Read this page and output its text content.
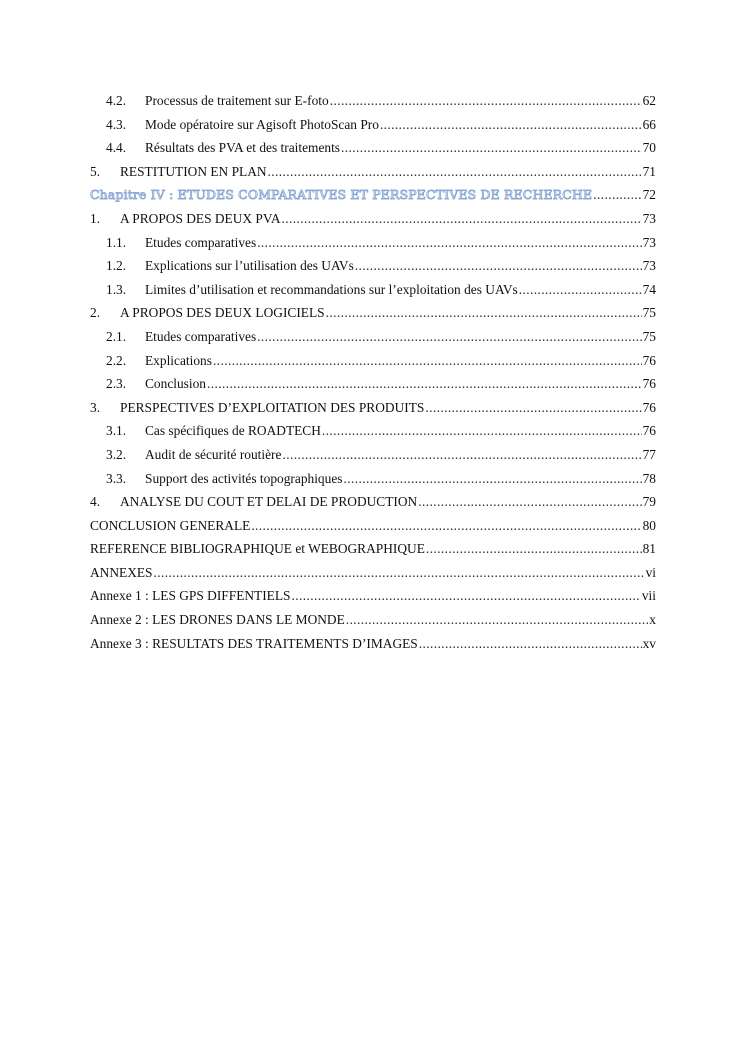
4.2.	Processus de traitement sur E-foto .....	62
4.3.	Mode opératoire sur Agisoft PhotoScan Pro .....	66
4.4.	Résultats des PVA et des traitements .....	70
5.	RESTITUTION EN PLAN .....	71
Chapitre IV : ETUDES COMPARATIVES ET PERSPECTIVES DE RECHERCHE .....	72
1.	A PROPOS DES DEUX PVA .....	73
1.1.	Etudes comparatives .....	73
1.2.	Explications sur l’utilisation des UAVs .....	73
1.3.	Limites d’utilisation et recommandations sur l’exploitation des UAVs .....	74
2.	A PROPOS DES DEUX LOGICIELS .....	75
2.1.	Etudes comparatives .....	75
2.2.	Explications .....	76
2.3.	Conclusion .....	76
3.	PERSPECTIVES D’EXPLOITATION DES PRODUITS .....	76
3.1.	Cas spécifiques de ROADTECH .....	76
3.2.	Audit de sécurité routière .....	77
3.3.	Support des activités topographiques .....	78
4.	ANALYSE DU COUT ET DELAI DE PRODUCTION .....	79
CONCLUSION GENERALE .....	80
REFERENCE BIBLIOGRAPHIQUE et WEBOGRAPHIQUE .....	81
ANNEXES .....	vi
Annexe 1 : LES GPS DIFFENTIELS .....	vii
Annexe 2 : LES DRONES DANS LE MONDE .....	x
Annexe 3 : RESULTATS DES TRAITEMENTS D’IMAGES .....	xv
